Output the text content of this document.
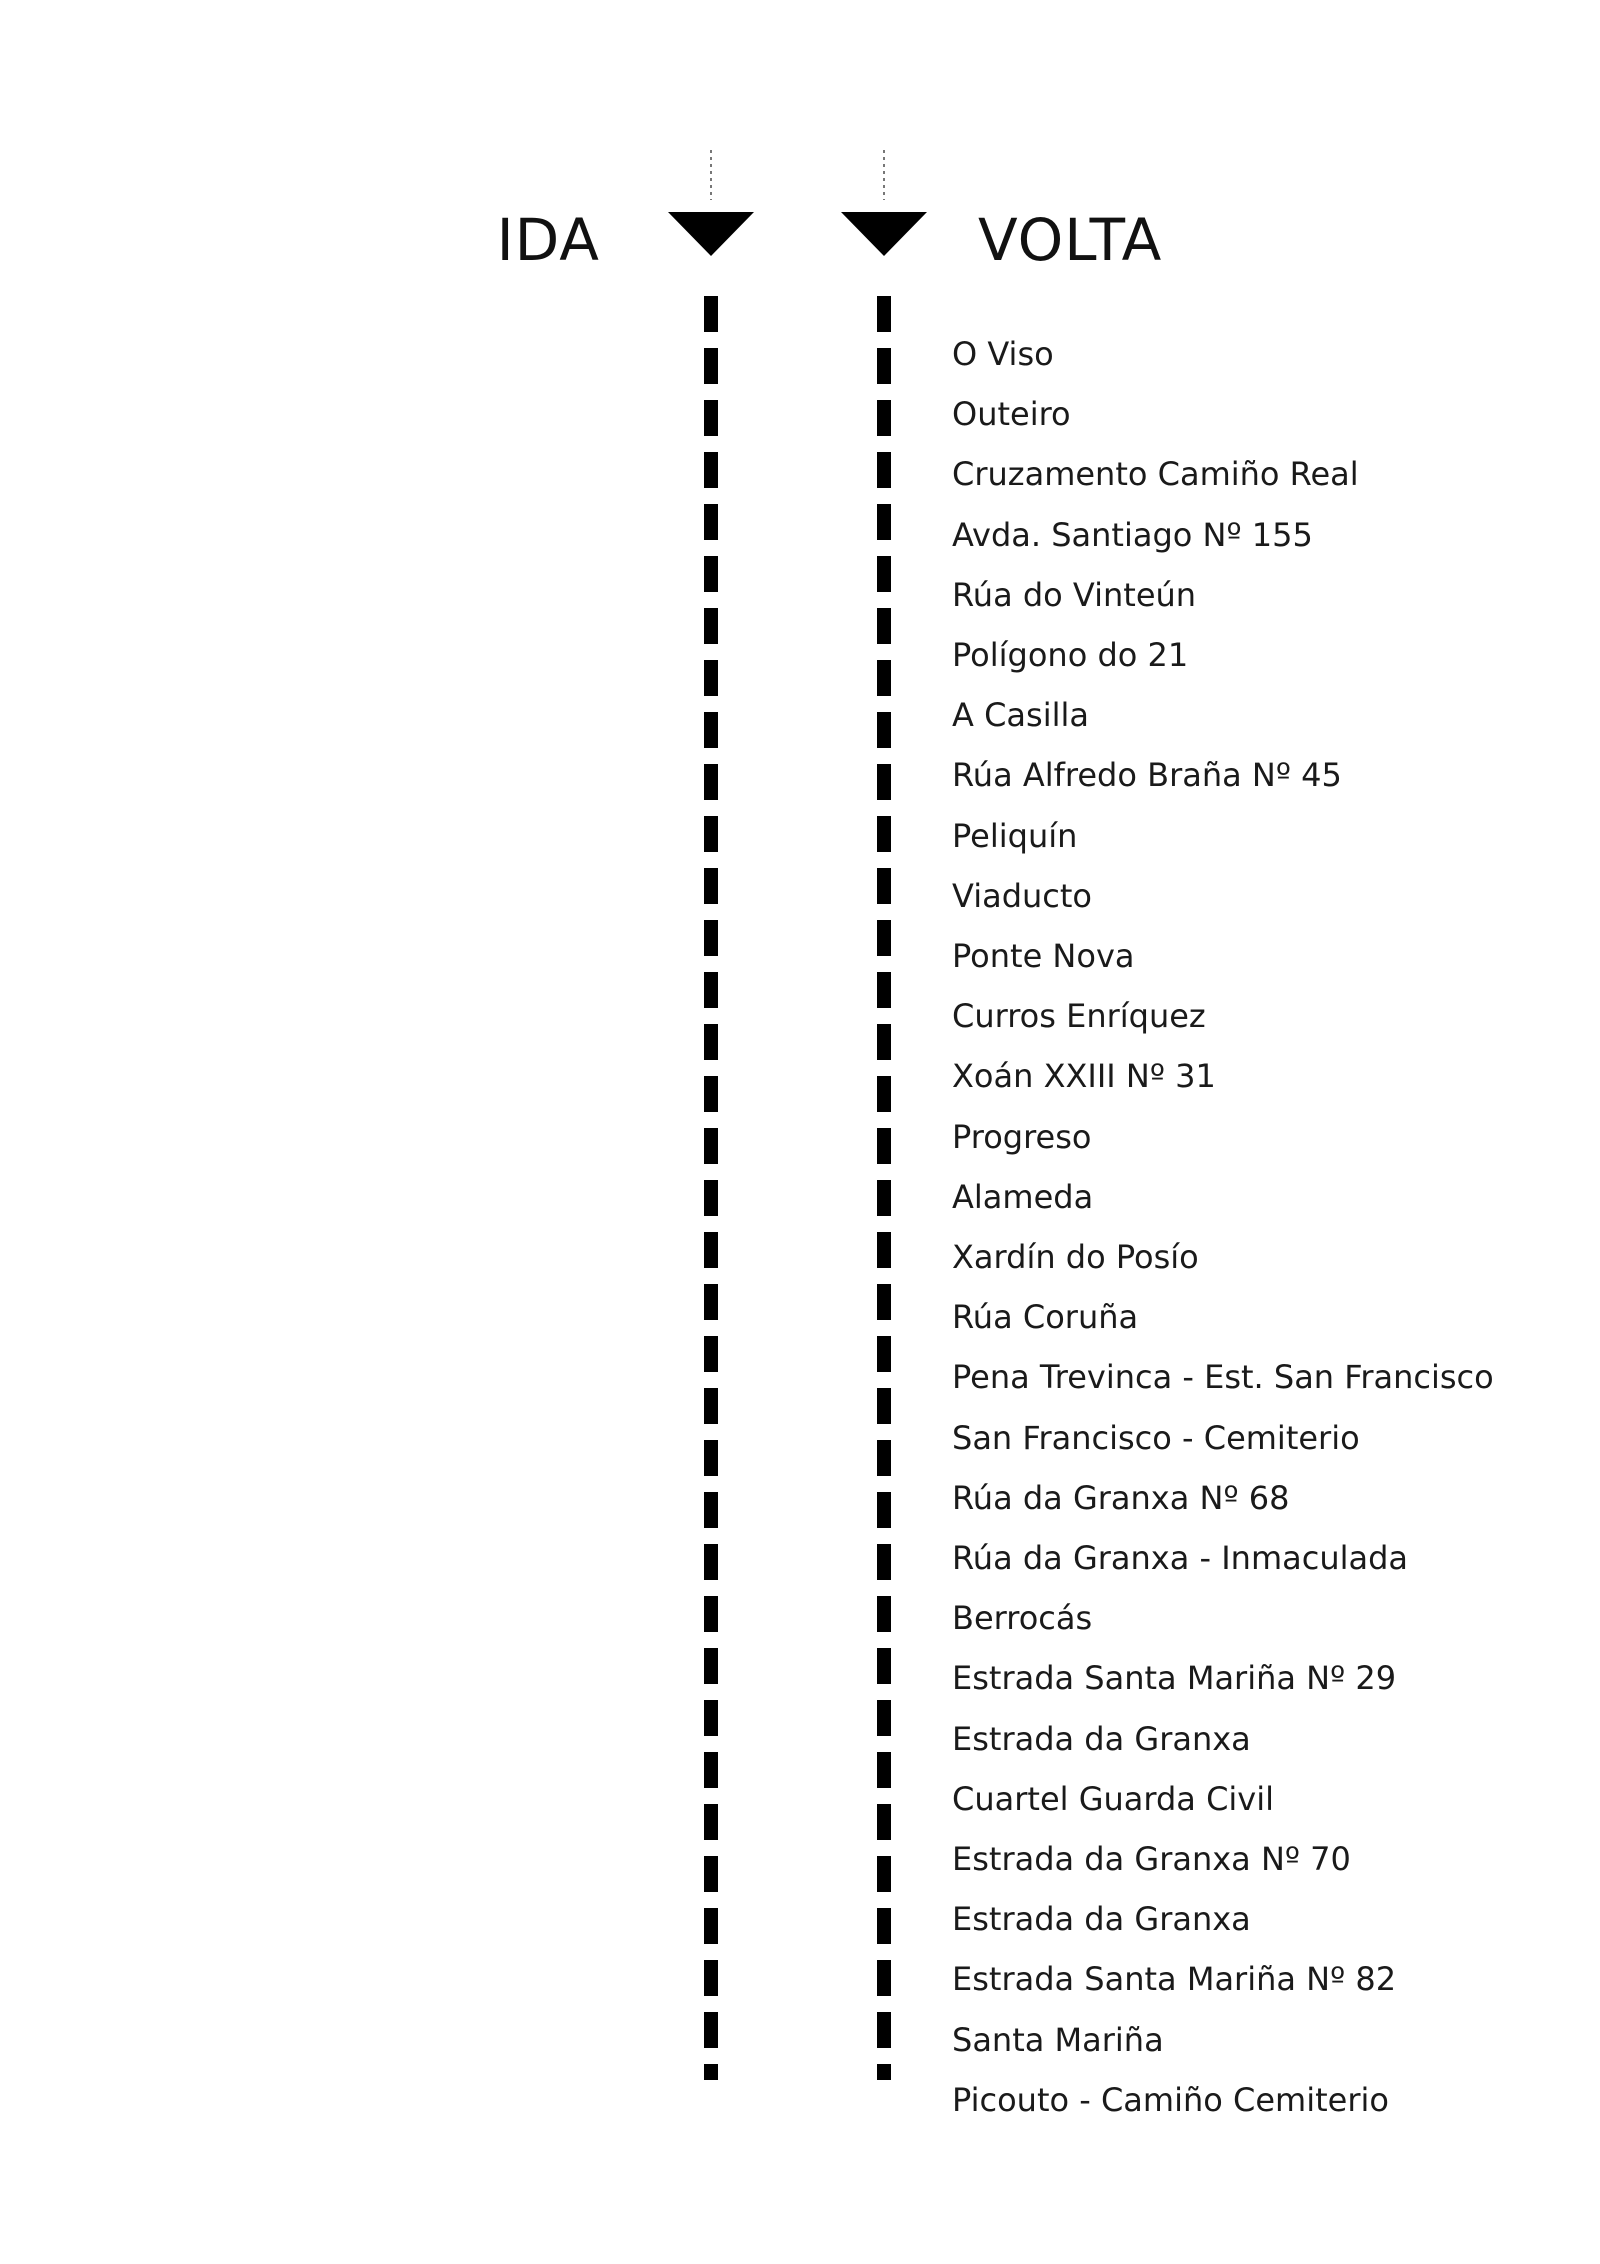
IDA	VOLTA
O Viso
Outeiro
Cruzamento Camiño Real
Avda. Santiago Nº 155
Rúa do Vinteún
Polígono do 21
A Casilla
Rúa Alfredo Braña Nº 45
Peliquín
Viaducto
Ponte Nova
Curros Enríquez
Xoán XXIII Nº 31
Progreso
Alameda
Xardín do Posío
Rúa Coruña
Pena Trevinca - Est. San Francisco
San Francisco - Cemiterio
Rúa da Granxa Nº 68
Rúa da Granxa - Inmaculada
Berrocás
Estrada Santa Mariña Nº 29
Estrada da Granxa
Cuartel Guarda Civil
Estrada da Granxa Nº 70
Estrada da Granxa
Estrada Santa Mariña Nº 82
Santa Mariña
Picouto - Camiño Cemiterio
